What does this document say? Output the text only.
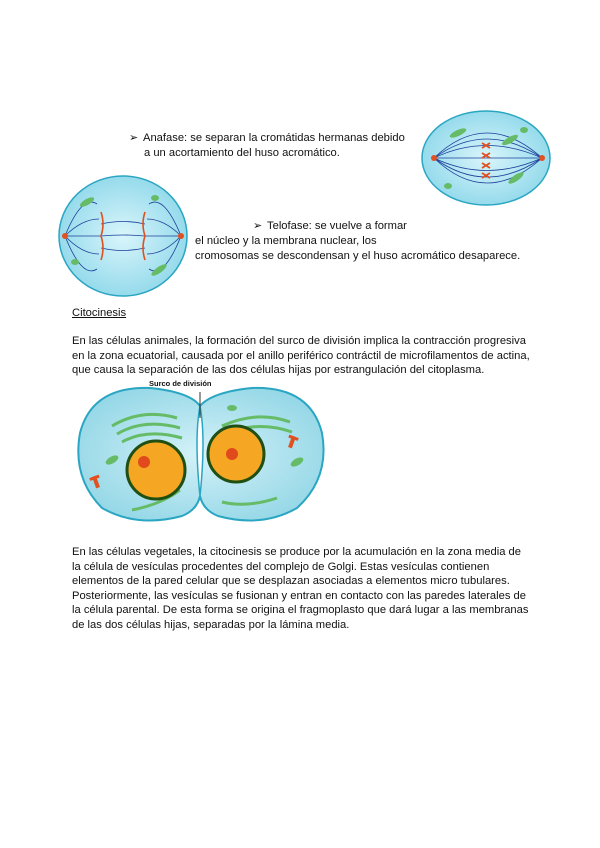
➢ Anafase: se separan la cromátidas hermanas debido
a un acortamiento del huso acromático.
➢ Telofase: se vuelve a formar
el núcleo y la membrana nuclear, los
cromosomas se descondensan y el huso acromático desaparece.
Citocinesis
En las células animales, la formación del surco de división implica la contracción progresiva
en la zona ecuatorial, causada por el anillo periférico contráctil de microfilamentos de actina,
que causa la separación de las dos células hijas por estrangulación del citoplasma.
Surco de división
En las células vegetales, la citocinesis se produce por la acumulación en la zona media de
la célula de vesículas procedentes del complejo de Golgi. Estas vesículas contienen
elementos de la pared celular que se desplazan asociadas a elementos micro tubulares.
Posteriormente, las vesículas se fusionan y entran en contacto con las paredes laterales de
la célula parental. De esta forma se origina el fragmoplasto que dará lugar a las membranas
de las dos células hijas, separadas por la lámina media.
